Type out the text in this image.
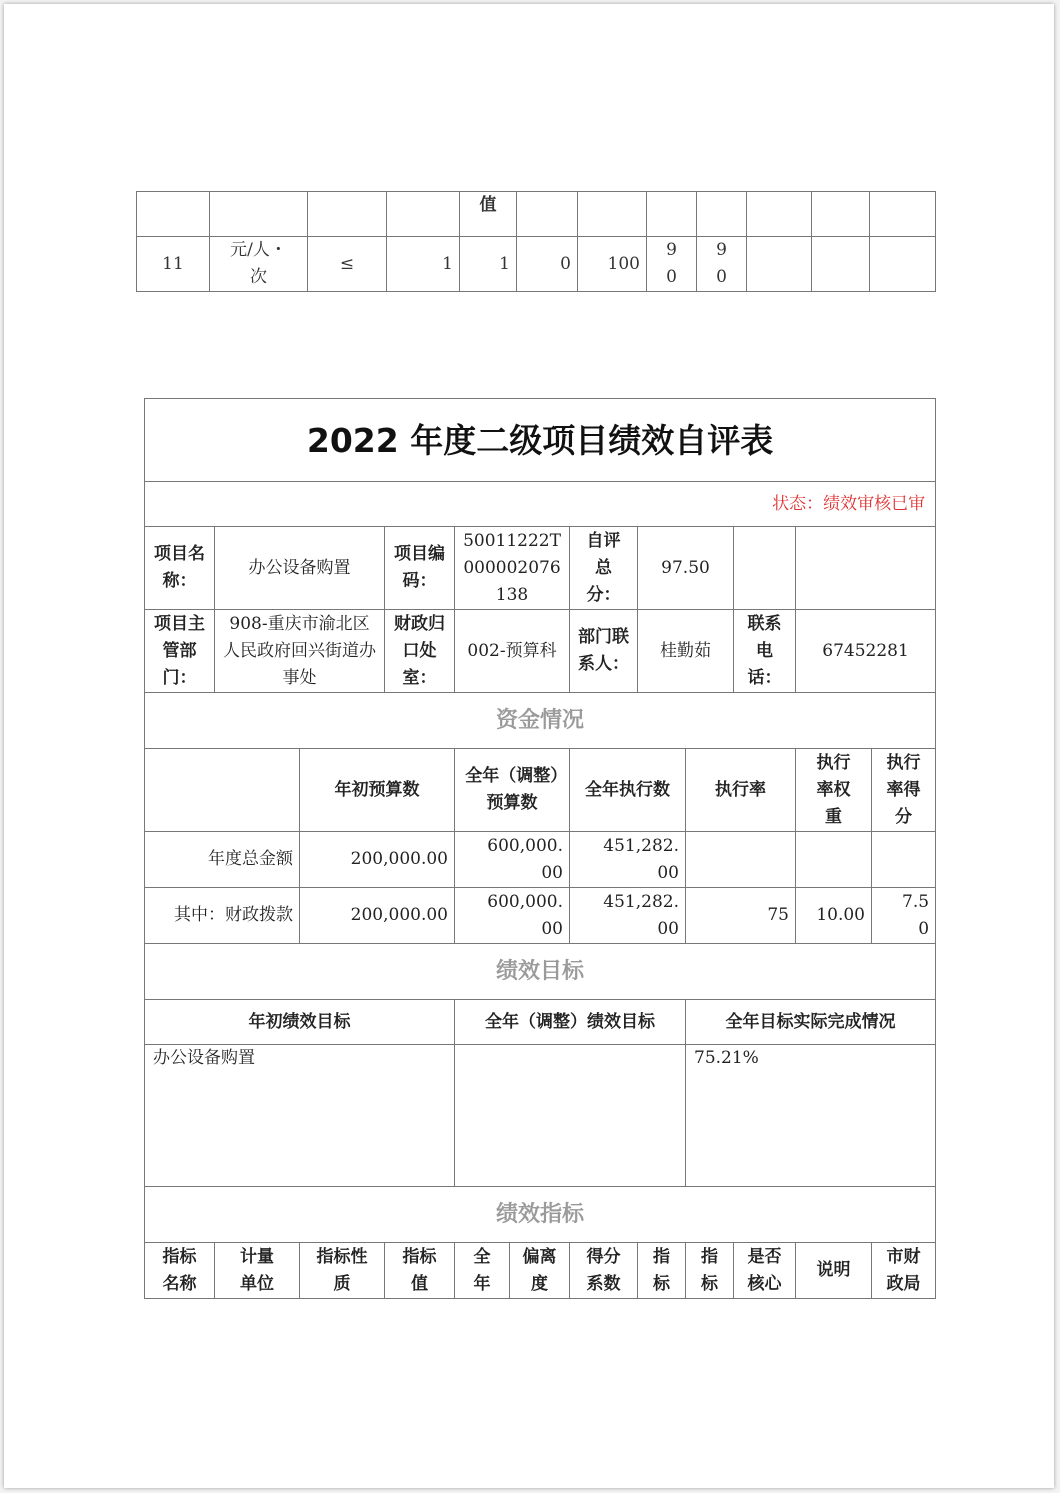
				值							
11	元/人・次	≤	1	1	0	100	90	90			
2022 年度二级项目绩效自评表											
状态：绩效审核已审											
项目名称：	办公设备购置		项目编码：	50011222T000002076138		自评总分：	97.50				
项目主管部门：	908-重庆市渝北区人民政府回兴街道办事处		财政归口处室：	002-预算科		部门联系人：	桂勤茹		联系电话：	67452281	
资金情况											
		年初预算数		全年（调整）预算数		全年执行数		执行率		执行率权重	执行率得分
年度总金额		200,000.00		600,000.00		451,282.00					
其中：财政拨款		200,000.00		600,000.00		451,282.00		75		10.00	7.50
绩效目标											
年初绩效目标				全年（调整）绩效目标				全年目标实际完成情况			
办公设备购置								75.21%			
绩效指标											
指标名称	计量单位	指标性质	指标值	全年	偏离度	得分系数	指标	指标	是否核心	说明	市财政局
